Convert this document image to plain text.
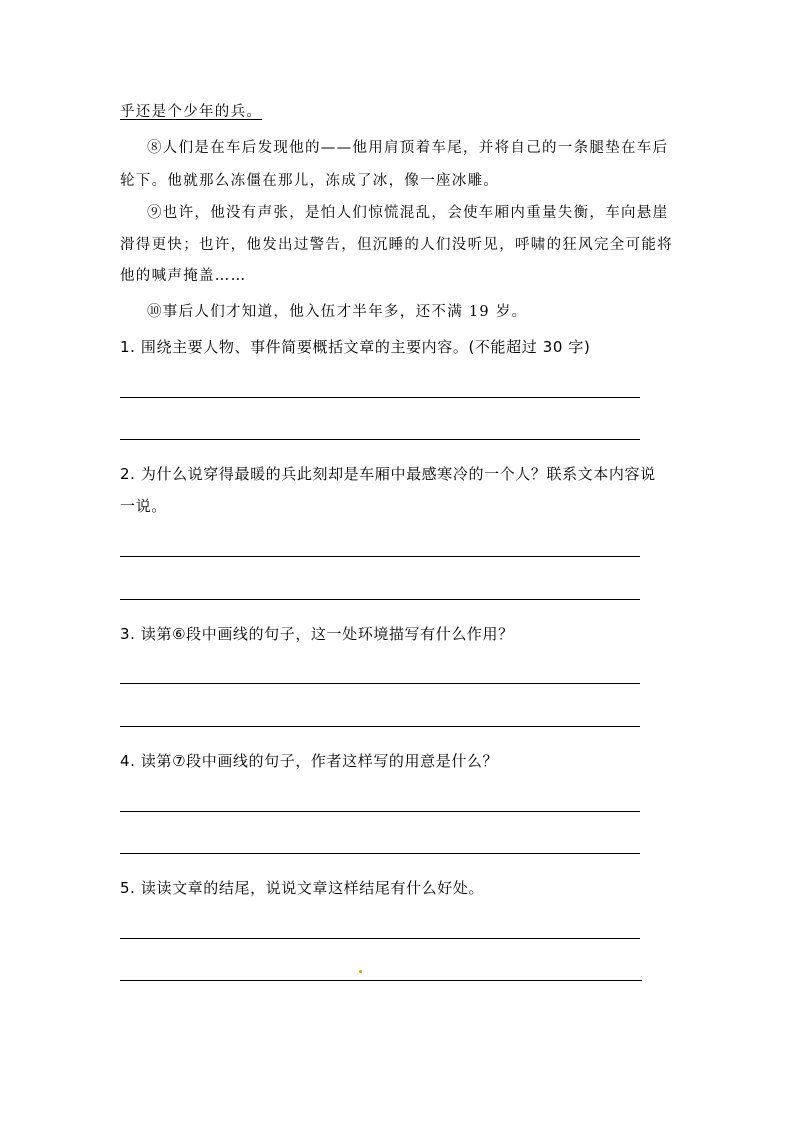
乎还是个少年的兵。
⑧人们是在车后发现他的——他用肩顶着车尾，并将自己的一条腿垫在车后
轮下。他就那么冻僵在那儿，冻成了冰，像一座冰雕。
⑨也许，他没有声张，是怕人们惊慌混乱，会使车厢内重量失衡，车向悬崖
滑得更快；也许，他发出过警告，但沉睡的人们没听见，呼啸的狂风完全可能将
他的喊声掩盖……
⑩事后人们才知道，他入伍才半年多，还不满 19 岁。
1. 围绕主要人物、事件简要概括文章的主要内容。(不能超过 30 字)
2. 为什么说穿得最暖的兵此刻却是车厢中最感寒冷的一个人？联系文本内容说
一说。
3. 读第⑥段中画线的句子，这一处环境描写有什么作用？
4. 读第⑦段中画线的句子，作者这样写的用意是什么？
5. 读读文章的结尾，说说文章这样结尾有什么好处。
